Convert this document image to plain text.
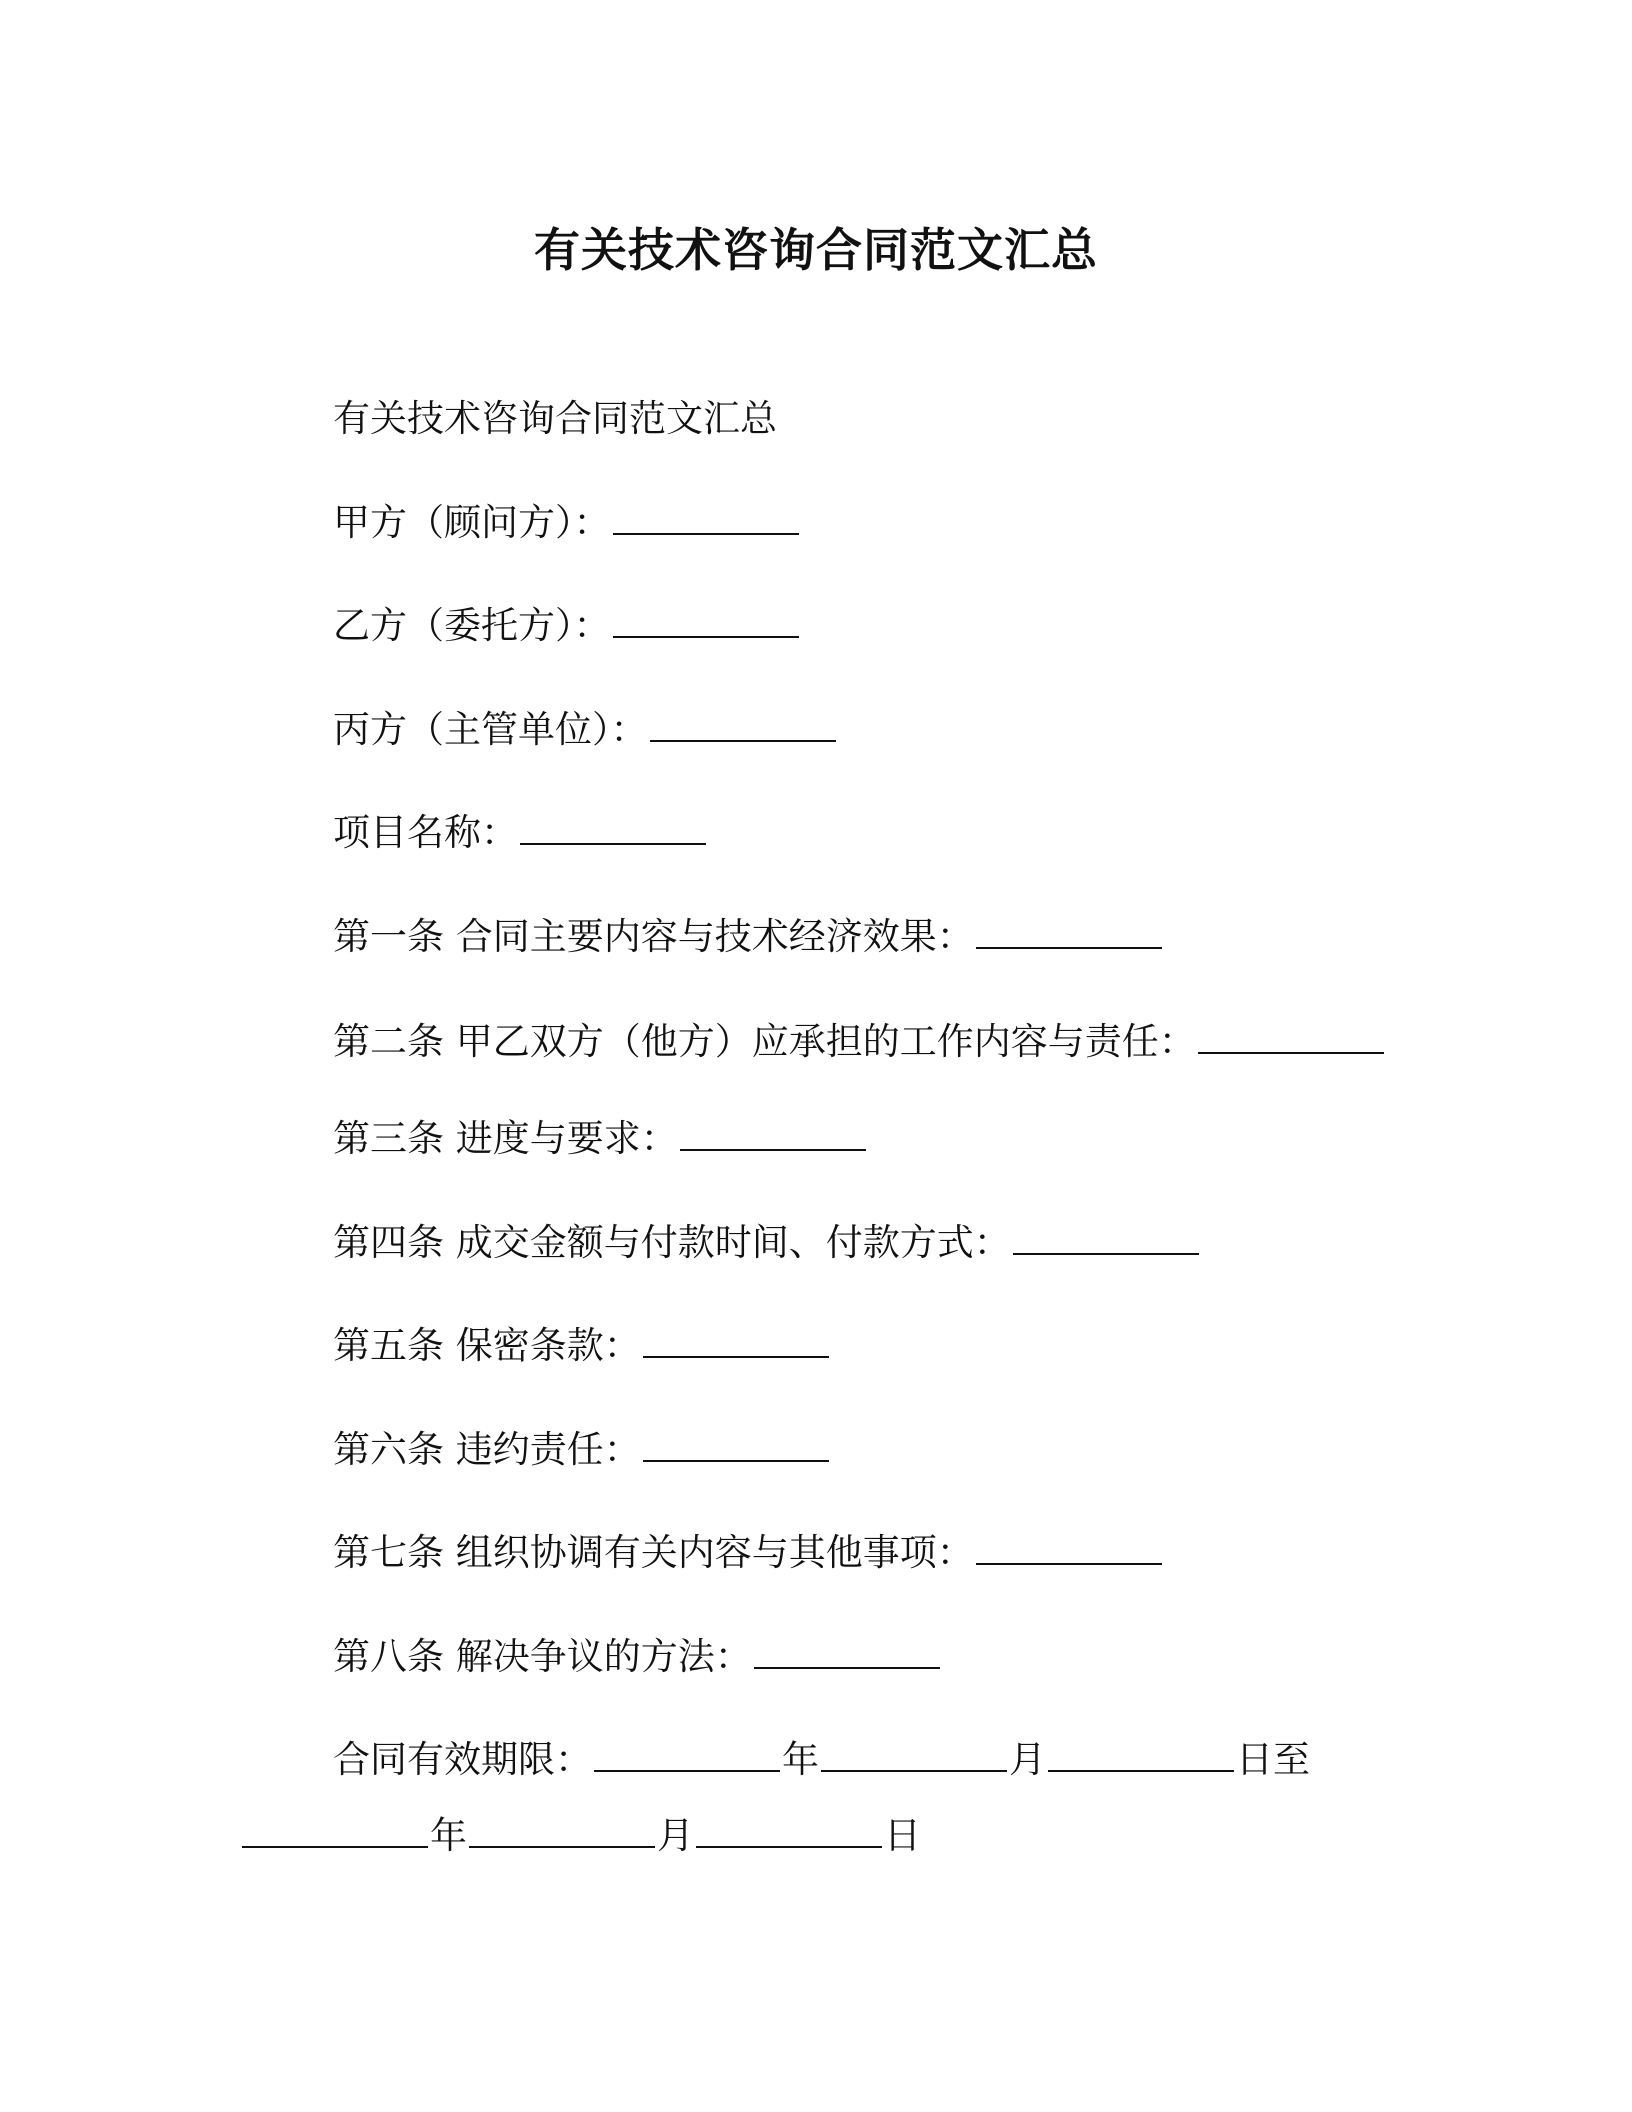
有关技术咨询合同范文汇总

有关技术咨询合同范文汇总

甲方（顾问方）：

乙方（委托方）：

丙方（主管单位）：

项目名称：

第一条 合同主要内容与技术经济效果：

第二条 甲乙双方（他方）应承担的工作内容与责任：

第三条 进度与要求：

第四条 成交金额与付款时间、付款方式：

第五条 保密条款：

第六条 违约责任：

第七条 组织协调有关内容与其他事项：

第八条 解决争议的方法：

合同有效期限：	年	月	日至

年	月	日
